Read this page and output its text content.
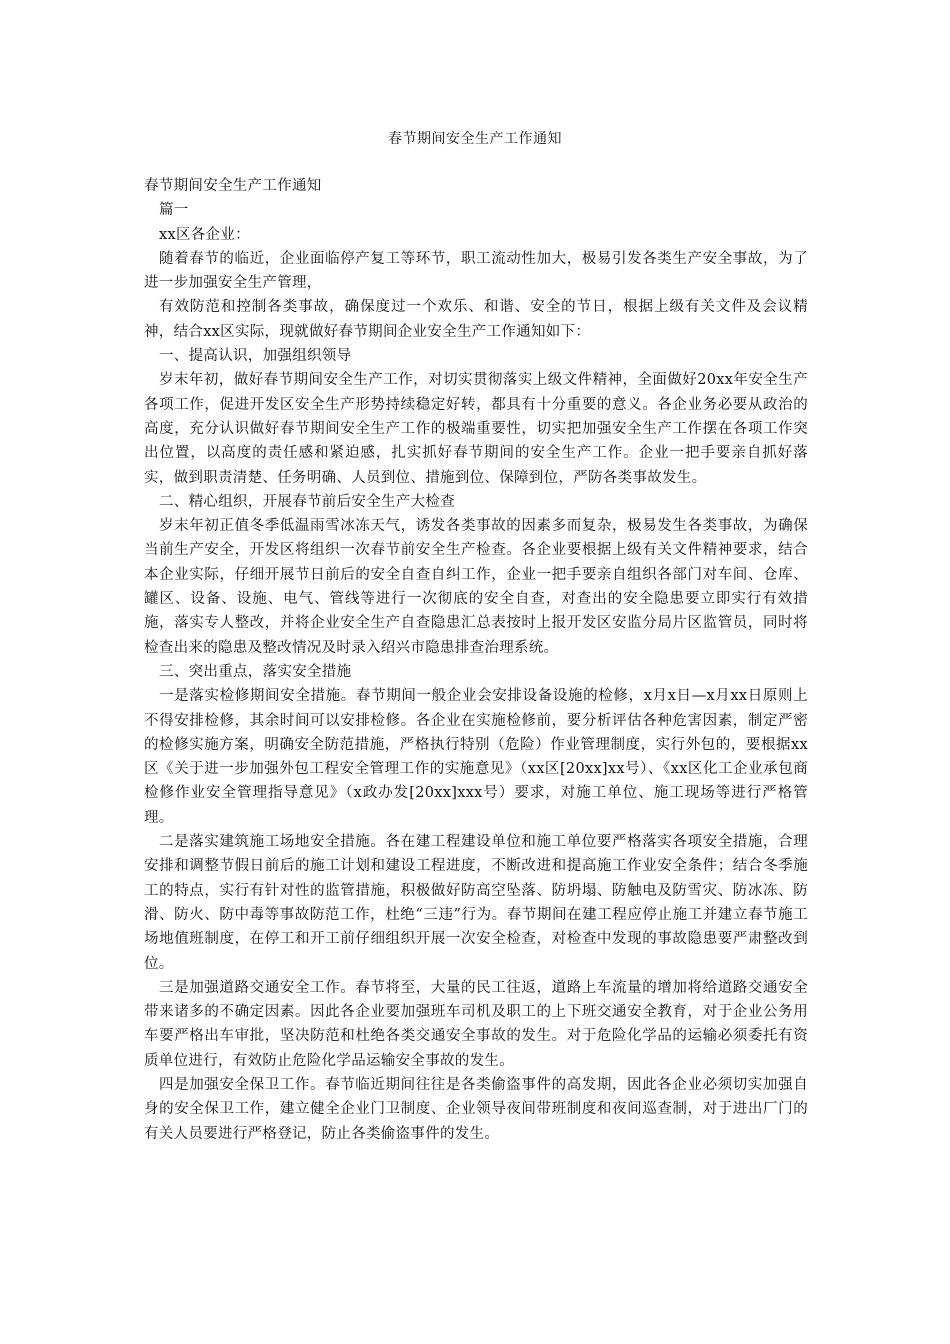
春节期间安全生产工作通知

春节期间安全生产工作通知

篇一

xx区各企业：

随着春节的临近，企业面临停产复工等环节，职工流动性加大，极易引发各类生产安全事故，为了进一步加强安全生产管理，

有效防范和控制各类事故，确保度过一个欢乐、和谐、安全的节日，根据上级有关文件及会议精神，结合xx区实际，现就做好春节期间企业安全生产工作通知如下：

一、提高认识，加强组织领导

岁末年初，做好春节期间安全生产工作，对切实贯彻落实上级文件精神，全面做好20xx年安全生产各项工作，促进开发区安全生产形势持续稳定好转，都具有十分重要的意义。各企业务必要从政治的高度，充分认识做好春节期间安全生产工作的极端重要性，切实把加强安全生产工作摆在各项工作突出位置，以高度的责任感和紧迫感，扎实抓好春节期间的安全生产工作。企业一把手要亲自抓好落实，做到职责清楚、任务明确、人员到位、措施到位、保障到位，严防各类事故发生。

二、精心组织，开展春节前后安全生产大检查

岁末年初正值冬季低温雨雪冰冻天气，诱发各类事故的因素多而复杂，极易发生各类事故，为确保当前生产安全，开发区将组织一次春节前安全生产检查。各企业要根据上级有关文件精神要求，结合本企业实际，仔细开展节日前后的安全自查自纠工作，企业一把手要亲自组织各部门对车间、仓库、罐区、设备、设施、电气、管线等进行一次彻底的安全自查，对查出的安全隐患要立即实行有效措施，落实专人整改，并将企业安全生产自查隐患汇总表按时上报开发区安监分局片区监管员，同时将检查出来的隐患及整改情况及时录入绍兴市隐患排查治理系统。

三、突出重点，落实安全措施

一是落实检修期间安全措施。春节期间一般企业会安排设备设施的检修，x月x日—x月xx日原则上不得安排检修，其余时间可以安排检修。各企业在实施检修前，要分析评估各种危害因素，制定严密的检修实施方案，明确安全防范措施，严格执行特别（危险）作业管理制度，实行外包的，要根据xx区《关于进一步加强外包工程安全管理工作的实施意见》（xx区[20xx]xx号）、《xx区化工企业承包商检修作业安全管理指导意见》（x政办发[20xx]xxx号）要求，对施工单位、施工现场等进行严格管理。

二是落实建筑施工场地安全措施。各在建工程建设单位和施工单位要严格落实各项安全措施，合理安排和调整节假日前后的施工计划和建设工程进度，不断改进和提高施工作业安全条件；结合冬季施工的特点，实行有针对性的监管措施，积极做好防高空坠落、防坍塌、防触电及防雪灾、防冰冻、防滑、防火、防中毒等事故防范工作，杜绝“三违”行为。春节期间在建工程应停止施工并建立春节施工场地值班制度，在停工和开工前仔细组织开展一次安全检查，对检查中发现的事故隐患要严肃整改到位。

三是加强道路交通安全工作。春节将至，大量的民工往返，道路上车流量的增加将给道路交通安全带来诸多的不确定因素。因此各企业要加强班车司机及职工的上下班交通安全教育，对于企业公务用车要严格出车审批，坚决防范和杜绝各类交通安全事故的发生。对于危险化学品的运输必须委托有资质单位进行，有效防止危险化学品运输安全事故的发生。

四是加强安全保卫工作。春节临近期间往往是各类偷盗事件的高发期，因此各企业必须切实加强自身的安全保卫工作，建立健全企业门卫制度、企业领导夜间带班制度和夜间巡查制，对于进出厂门的有关人员要进行严格登记，防止各类偷盗事件的发生。
